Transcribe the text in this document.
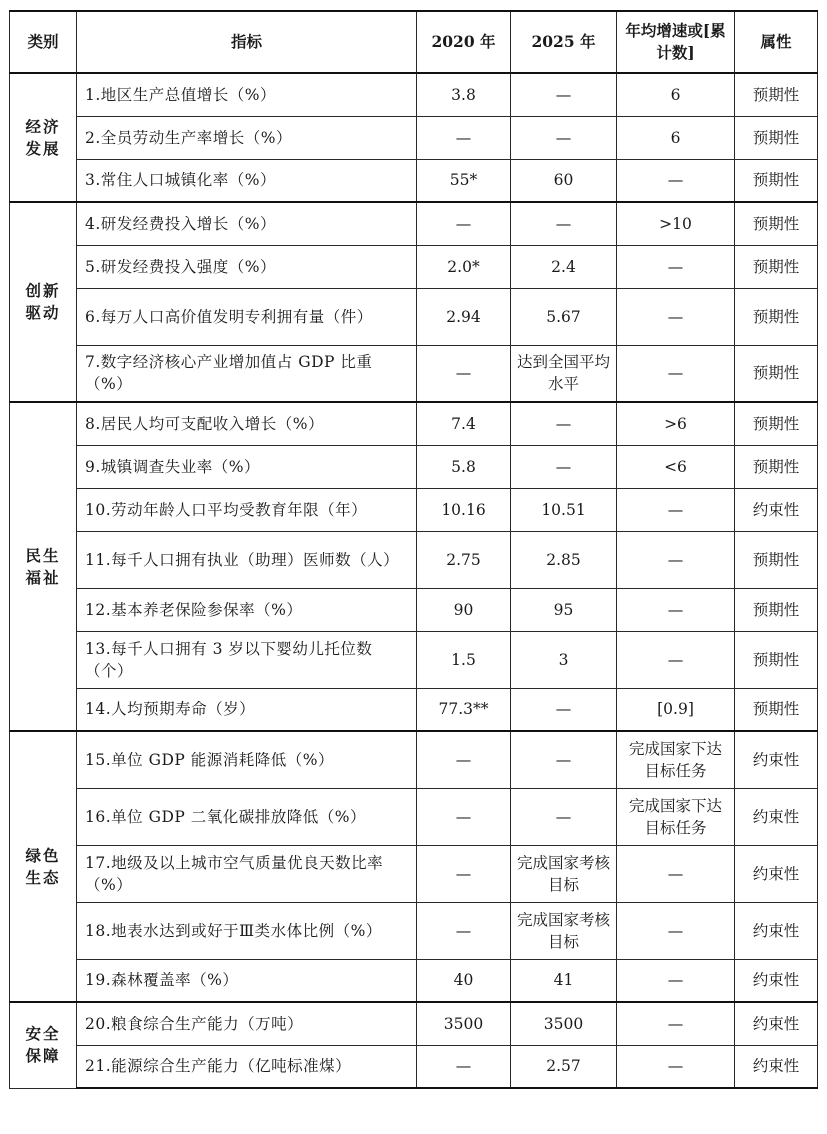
类别	指标	2020 年	2025 年	年均增速或[累计数]	属性
经济发展	1.地区生产总值增长（%）	3.8	—	6	预期性
	2.全员劳动生产率增长（%）	—	—	6	预期性
	3.常住人口城镇化率（%）	55*	60	—	预期性
创新驱动	4.研发经费投入增长（%）	—	—	>10	预期性
	5.研发经费投入强度（%）	2.0*	2.4	—	预期性
	6.每万人口高价值发明专利拥有量（件）	2.94	5.67	—	预期性
	7.数字经济核心产业增加值占 GDP 比重（%）	—	达到全国平均水平	—	预期性
民生福祉	8.居民人均可支配收入增长（%）	7.4	—	>6	预期性
	9.城镇调查失业率（%）	5.8	—	<6	预期性
	10.劳动年龄人口平均受教育年限（年）	10.16	10.51	—	约束性
	11.每千人口拥有执业（助理）医师数（人）	2.75	2.85	—	预期性
	12.基本养老保险参保率（%）	90	95	—	预期性
	13.每千人口拥有 3 岁以下婴幼儿托位数（个）	1.5	3	—	预期性
	14.人均预期寿命（岁）	77.3**	—	[0.9]	预期性
绿色生态	15.单位 GDP 能源消耗降低（%）	—	—	完成国家下达目标任务	约束性
	16.单位 GDP 二氧化碳排放降低（%）	—	—	完成国家下达目标任务	约束性
	17.地级及以上城市空气质量优良天数比率（%）	—	完成国家考核目标	—	约束性
	18.地表水达到或好于Ⅲ类水体比例（%）	—	完成国家考核目标	—	约束性
	19.森林覆盖率（%）	40	41	—	约束性
安全保障	20.粮食综合生产能力（万吨）	3500	3500	—	约束性
	21.能源综合生产能力（亿吨标准煤）	—	2.57	—	约束性
